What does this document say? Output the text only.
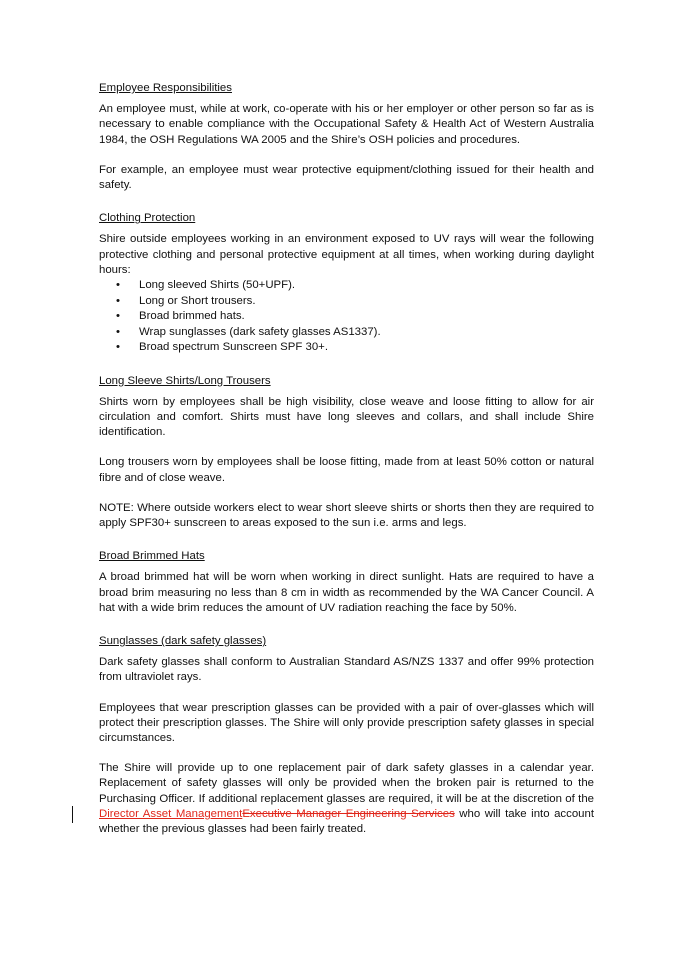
Employee Responsibilities

An employee must, while at work, co-operate with his or her employer or other person so far as is necessary to enable compliance with the Occupational Safety & Health Act of Western Australia 1984, the OSH Regulations WA 2005 and the Shire’s OSH policies and procedures.

For example, an employee must wear protective equipment/clothing issued for their health and safety.

Clothing Protection

Shire outside employees working in an environment exposed to UV rays will wear the following protective clothing and personal protective equipment at all times, when working during daylight hours:

• Long sleeved Shirts (50+UPF).
• Long or Short trousers.
• Broad brimmed hats.
• Wrap sunglasses (dark safety glasses AS1337).
• Broad spectrum Sunscreen SPF 30+.
Long Sleeve Shirts/Long Trousers

Shirts worn by employees shall be high visibility, close weave and loose fitting to allow for air circulation and comfort. Shirts must have long sleeves and collars, and shall include Shire identification.

Long trousers worn by employees shall be loose fitting, made from at least 50% cotton or natural fibre and of close weave.

NOTE: Where outside workers elect to wear short sleeve shirts or shorts then they are required to apply SPF30+ sunscreen to areas exposed to the sun i.e. arms and legs.

Broad Brimmed Hats

A broad brimmed hat will be worn when working in direct sunlight. Hats are required to have a broad brim measuring no less than 8 cm in width as recommended by the WA Cancer Council. A hat with a wide brim reduces the amount of UV radiation reaching the face by 50%.

Sunglasses (dark safety glasses)

Dark safety glasses shall conform to Australian Standard AS/NZS 1337 and offer 99% protection from ultraviolet rays.

Employees that wear prescription glasses can be provided with a pair of over-glasses which will protect their prescription glasses. The Shire will only provide prescription safety glasses in special circumstances.

The Shire will provide up to one replacement pair of dark safety glasses in a calendar year. Replacement of safety glasses will only be provided when the broken pair is returned to the Purchasing Officer. If additional replacement glasses are required, it will be at the discretion of the Director Asset ManagementExecutive Manager Engineering Services who will take into account whether the previous glasses had been fairly treated.
